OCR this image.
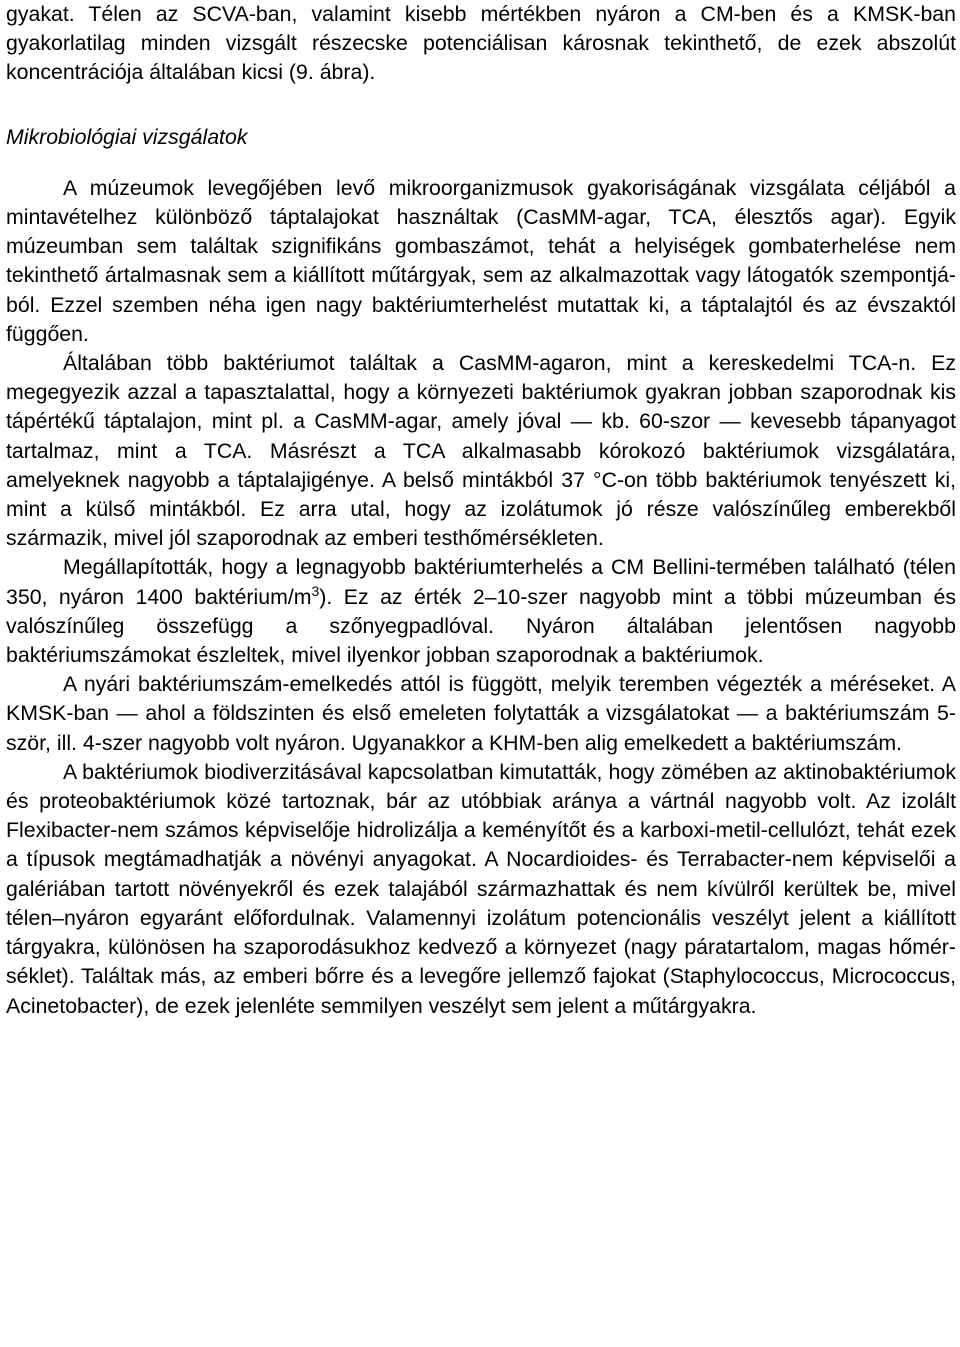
gyakat. Télen az SCVA-ban, valamint kisebb mértékben nyáron a CM-ben és a KMSK-ban gyakorlatilag minden vizsgált részecske potenciálisan károsnak tekinthető, de ezek abszolút koncentrációja általában kicsi (9. ábra).

Mikrobiológiai vizsgálatok

A múzeumok levegőjében levő mikroorganizmusok gyakoriságának vizsgálata céljából a mintavételhez különböző táptalajokat használtak (CasMM-agar, TCA, élesztős agar). Egyik múzeumban sem találtak szignifikáns gombaszámot, tehát a helyiségek gombaterhelése nem tekinthető ártalmasnak sem a kiállított műtárgyak, sem az alkalmazottak vagy látogatók szempontjából. Ezzel szemben néha igen nagy baktériumterhelést mutattak ki, a táptalajtól és az évszaktól függően.

Általában több baktériumot találtak a CasMM-agaron, mint a kereskedelmi TCA-n. Ez megegyezik azzal a tapasztalattal, hogy a környezeti baktériumok gyakran jobban szaporodnak kis tápértékű táptalajon, mint pl. a CasMM-agar, amely jóval — kb. 60-szor — kevesebb tápanyagot tartalmaz, mint a TCA. Másrészt a TCA alkalmasabb kórokozó baktériumok vizsgálatára, amelyeknek nagyobb a táptalajigénye. A belső mintákból 37 °C-on több baktériumok tenyészett ki, mint a külső mintákból. Ez arra utal, hogy az izolátumok jó része valószínűleg emberekből származik, mivel jól szaporodnak az emberi testhőmérsékleten.

Megállapították, hogy a legnagyobb baktériumterhelés a CM Bellini-termében található (télen 350, nyáron 1400 baktérium/$m^3$). Ez az érték 2–10-szer nagyobb mint a többi múzeumban és valószínűleg összefügg a szőnyegpadlóval. Nyáron általában jelentősen nagyobb baktériumszámokat észleltek, mivel ilyenkor jobban szaporodnak a baktériumok.

A nyári baktériumszám-emelkedés attól is függött, melyik teremben végezték a méréseket. A KMSK-ban — ahol a földszinten és első emeleten folytatták a vizsgálatokat — a baktériumszám 5-ször, ill. 4-szer nagyobb volt nyáron. Ugyanakkor a KHM-ben alig emelkedett a baktériumszám.

A baktériumok biodiverzitásával kapcsolatban kimutatták, hogy zömében az aktinobaktériumok és proteobaktériumok közé tartoznak, bár az utóbbiak aránya a vártnál nagyobb volt. Az izolált Flexibacter-nem számos képviselője hidrolizálja a keményítőt és a karboxi-metil-cellulózt, tehát ezek a típusok megtámadhatják a növényi anyagokat. A Nocardioides- és Terrabacter-nem képviselői a galériában tartott növényekről és ezek talajából származhattak és nem kívülről kerültek be, mivel télen–nyáron egyaránt előfordulnak. Valamennyi izolátum potencionális veszélyt jelent a kiállított tárgyakra, különösen ha szaporodásukhoz kedvező a környezet (nagy páratartalom, magas hőmérséklet). Találtak más, az emberi bőrre és a levegőre jellemző fajokat (Staphylococcus, Micrococcus, Acinetobacter), de ezek jelenléte semmilyen veszélyt sem jelent a műtárgyakra.
